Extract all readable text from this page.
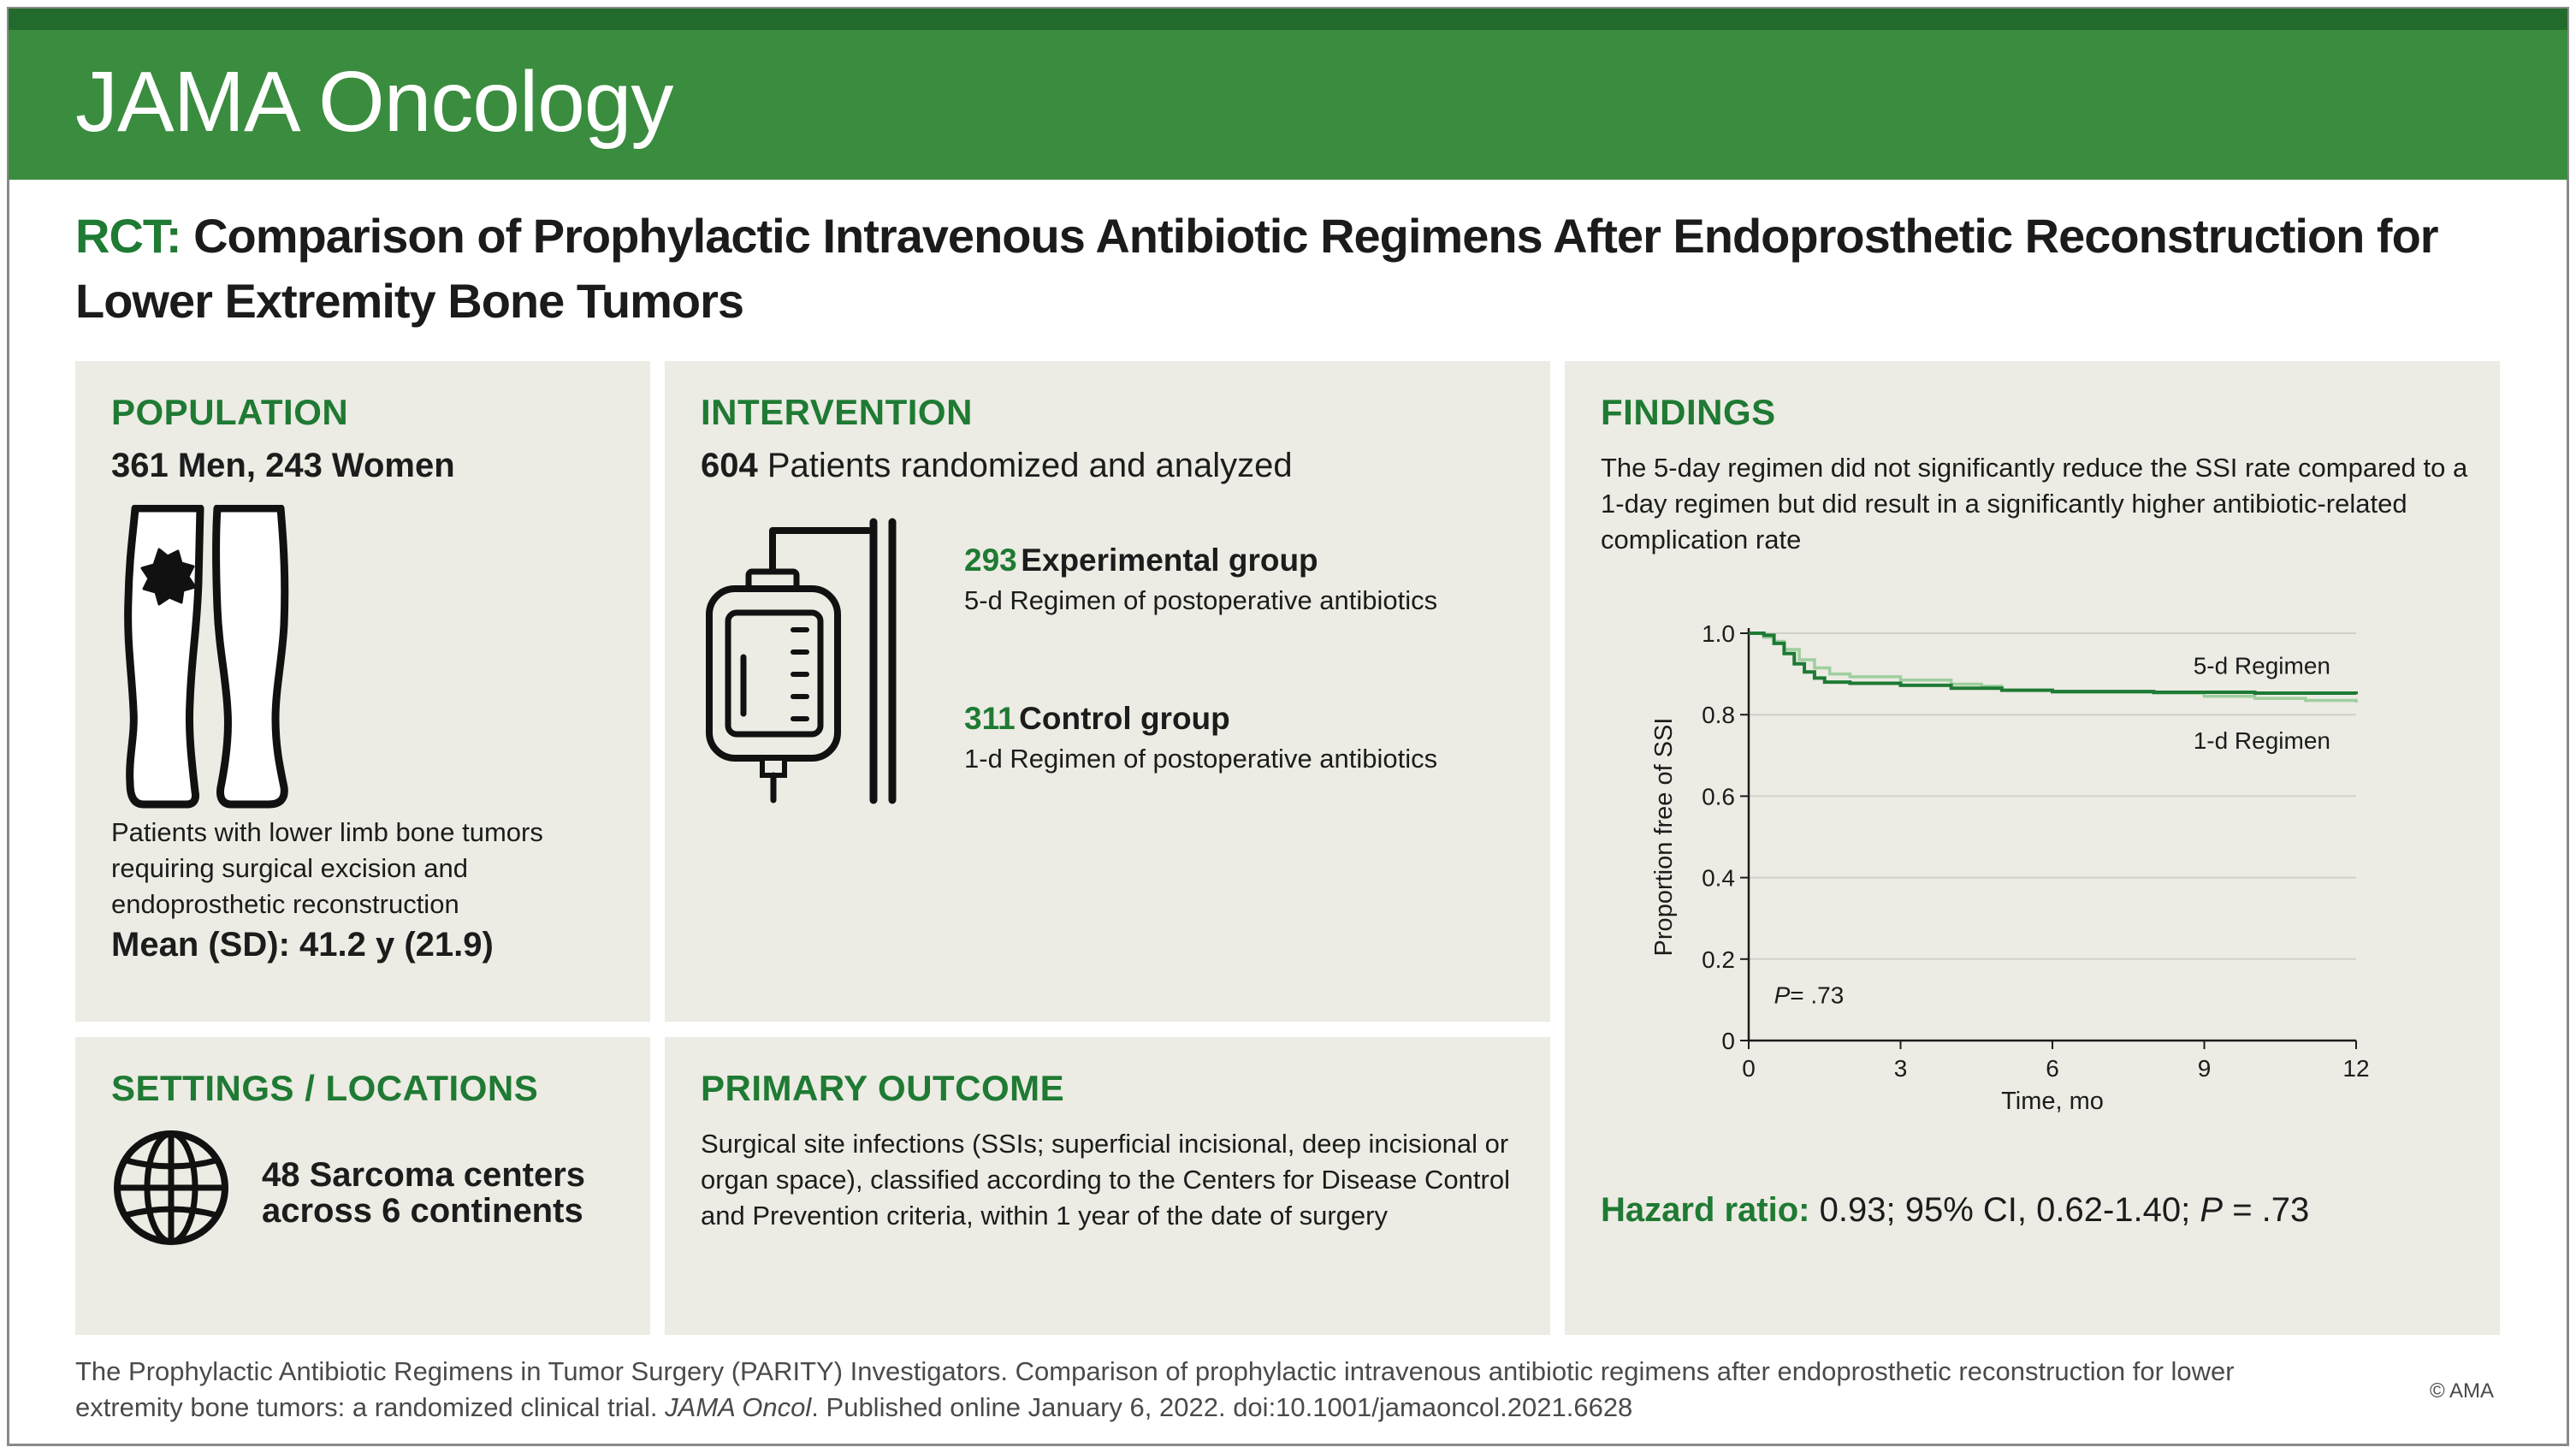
JAMA Oncology
RCT: Comparison of Prophylactic Intravenous Antibiotic Regimens After Endoprosthetic Reconstruction for Lower Extremity Bone Tumors
POPULATION
361 Men, 243 Women
Patients with lower limb bone tumors requiring surgical excision and endoprosthetic reconstruction
Mean (SD): 41.2 y (21.9)
INTERVENTION
604 Patients randomized and analyzed
293 Experimental group
5-d Regimen of postoperative antibiotics
311 Control group
1-d Regimen of postoperative antibiotics
SETTINGS / LOCATIONS
48 Sarcoma centers across 6 continents
PRIMARY OUTCOME
Surgical site infections (SSIs; superficial incisional, deep incisional or organ space), classified according to the Centers for Disease Control and Prevention criteria, within 1 year of the date of surgery
FINDINGS
The 5-day regimen did not significantly reduce the SSI rate compared to a 1-day regimen but did result in a significantly higher antibiotic-related complication rate
0
0.2
0.4
0.6
0.8
1.0
0	3	6	9	12
5-d Regimen
1-d Regimen
Time, mo
Proportion free of SSI
P= .73
Hazard ratio: 0.93; 95% CI, 0.62-1.40; P = .73
The Prophylactic Antibiotic Regimens in Tumor Surgery (PARITY) Investigators. Comparison of prophylactic intravenous antibiotic regimens after endoprosthetic reconstruction for lower extremity bone tumors: a randomized clinical trial. JAMA Oncol. Published online January 6, 2022. doi:10.1001/jamaoncol.2021.6628
© AMA
